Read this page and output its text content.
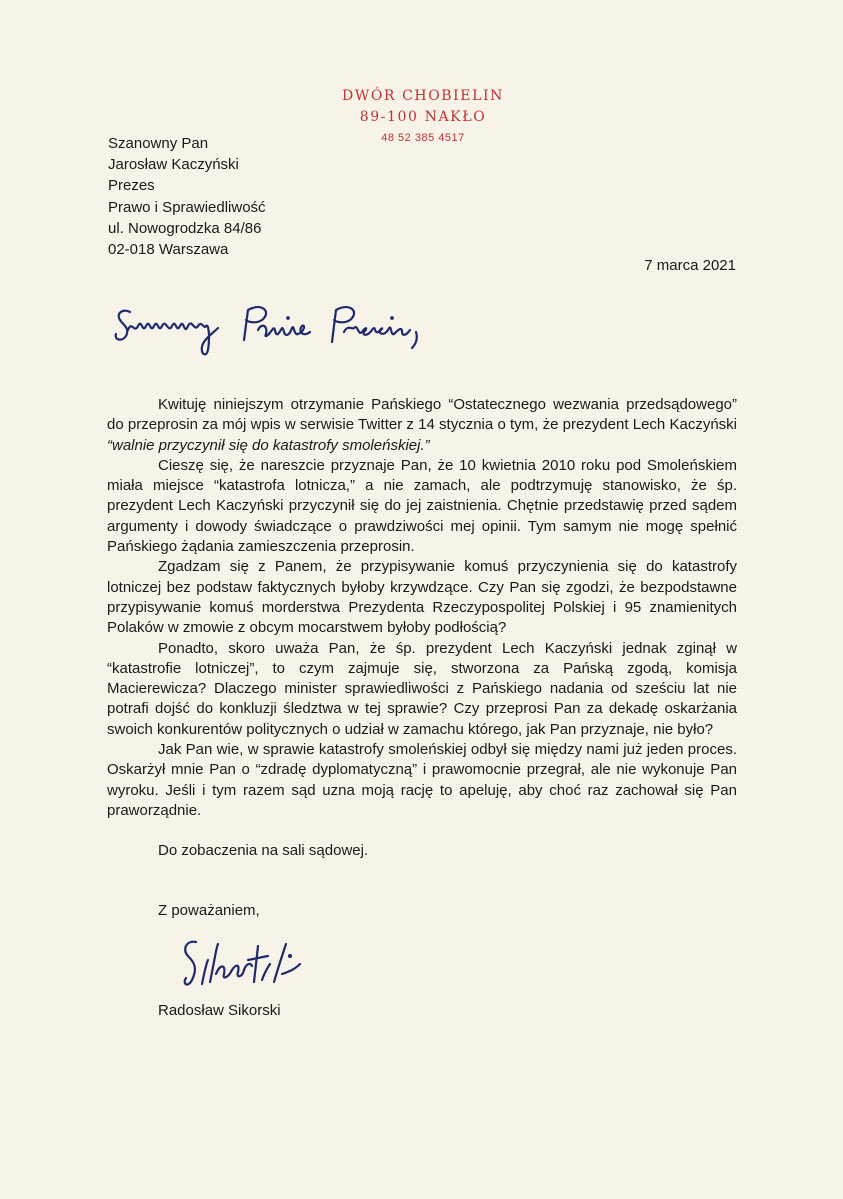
DWÓR CHOBIELIN
89-100 NAKŁO
48 52 385 4517
Szanowny Pan
Jarosław Kaczyński
Prezes
Prawo i Sprawiedliwość
ul. Nowogrodzka 84/86
02-018 Warszawa
7 marca 2021

Kwituję niniejszym otrzymanie Pańskiego “Ostatecznego wezwania przedsądowego” do przeprosin za mój wpis w serwisie Twitter z 14 stycznia o tym, że prezydent Lech Kaczyński “walnie przyczynił się do katastrofy smoleńskiej.”

Cieszę się, że nareszcie przyznaje Pan, że 10 kwietnia 2010 roku pod Smoleńskiem miała miejsce “katastrofa lotnicza,” a nie zamach, ale podtrzymuję stanowisko, że śp. prezydent Lech Kaczyński przyczynił się do jej zaistnienia. Chętnie przedstawię przed sądem argumenty i dowody świadczące o prawdziwości mej opinii. Tym samym nie mogę spełnić Pańskiego żądania zamieszczenia przeprosin.

Zgadzam się z Panem, że przypisywanie komuś przyczynienia się do katastrofy lotniczej bez podstaw faktycznych byłoby krzywdzące. Czy Pan się zgodzi, że bezpodstawne przypisywanie komuś morderstwa Prezydenta Rzeczypospolitej Polskiej i 95 znamienitych Polaków w zmowie z obcym mocarstwem byłoby podłością?

Ponadto, skoro uważa Pan, że śp. prezydent Lech Kaczyński jednak zginął w “katastrofie lotniczej”, to czym zajmuje się, stworzona za Pańską zgodą, komisja Macierewicza? Dlaczego minister sprawiedliwości z Pańskiego nadania od sześciu lat nie potrafi dojść do konkluzji śledztwa w tej sprawie? Czy przeprosi Pan za dekadę oskarżania swoich konkurentów politycznych o udział w zamachu którego, jak Pan przyznaje, nie było?

Jak Pan wie, w sprawie katastrofy smoleńskiej odbył się między nami już jeden proces. Oskarżył mnie Pan o “zdradę dyplomatyczną” i prawomocnie przegrał, ale nie wykonuje Pan wyroku. Jeśli i tym razem sąd uzna moją rację to apeluję, aby choć raz zachował się Pan praworządnie.

Do zobaczenia na sali sądowej.
Z poważaniem,
Radosław Sikorski
